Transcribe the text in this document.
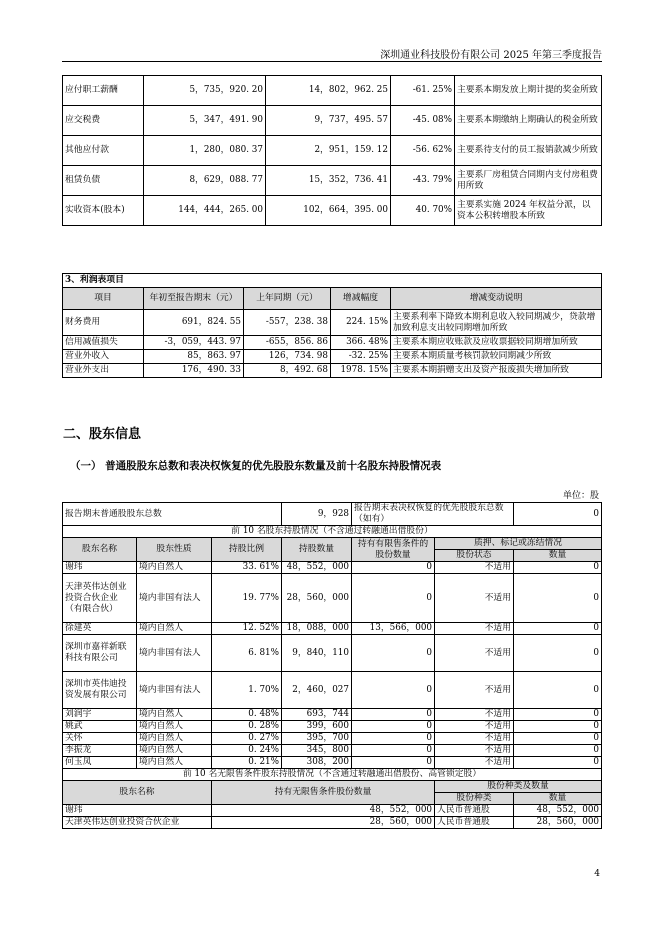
深圳通业科技股份有限公司 2025 年第三季度报告
应付职工薪酬	5，735，920. 20	14，802，962. 25	-61. 25%	主要系本期发放上期计提的奖金所致
应交税费	5，347，491. 90	9，737，495. 57	-45. 08%	主要系本期缴纳上期确认的税金所致
其他应付款	1，280，080. 37	2，951，159. 12	-56. 62%	主要系待支付的员工报销款减少所致
租赁负债	8，629，088. 77	15，352，736. 41	-43. 79%	主要系厂房租赁合同期内支付房租费用所致
实收资本(股本)	144，444，265. 00	102，664，395. 00	40. 70%	主要系实施 2024 年权益分派，以资本公积转增股本所致
3、利润表项目				
项目	年初至报告期末（元）	上年同期（元）	增减幅度	增减变动说明
财务费用	691，824. 55	-557，238. 38	224. 15%	主要系利率下降致本期利息收入较同期减少，贷款增加致利息支出较同期增加所致
信用减值损失	-3，059，443. 97	-655，856. 86	366. 48%	主要系本期应收账款及应收票据较同期增加所致
营业外收入	85，863. 97	126，734. 98	-32. 25%	主要系本期质量考核罚款较同期减少所致
营业外支出	176，490. 33	8，492. 68	1978. 15%	主要系本期捐赠支出及资产报废损失增加所致
二、股东信息
（一） 普通股股东总数和表决权恢复的优先股股东数量及前十名股东持股情况表
单位：股
报告期末普通股股东总数			9，928	报告期末表决权恢复的优先股股东总数（如有）		0
前 10 名股东持股情况（不含通过转融通出借股份）						
股东名称	股东性质	持股比例	持股数量	持有有限售条件的股份数量	质押、标记或冻结情况	
					股份状态	数量
谢玮	境内自然人	33. 61%	48，552，000	0	不适用	0
天津英伟达创业投资合伙企业（有限合伙）	境内非国有法人	19. 77%	28，560，000	0	不适用	0
徐建英	境内自然人	12. 52%	18，088，000	13，566，000	不适用	0
深圳市嘉祥新联科技有限公司	境内非国有法人	6. 81%	9，840，110	0	不适用	0
深圳市英伟迪投资发展有限公司	境内非国有法人	1. 70%	2，460，027	0	不适用	0
刘润宇	境内自然人	0. 48%	693，744	0	不适用	0
姚武	境内自然人	0. 28%	399，600	0	不适用	0
关怀	境内自然人	0. 27%	395，700	0	不适用	0
李振龙	境内自然人	0. 24%	345，800	0	不适用	0
何玉凤	境内自然人	0. 21%	308，200	0	不适用	0
前 10 名无限售条件股东持股情况（不含通过转融通出借股份、高管锁定股）						
股东名称		持有无限售条件股份数量			股份种类及数量	
					股份种类	数量
谢玮		48，552，000			人民币普通股	48，552，000
天津英伟达创业投资合伙企业		28，560，000			人民币普通股	28，560，000
4
